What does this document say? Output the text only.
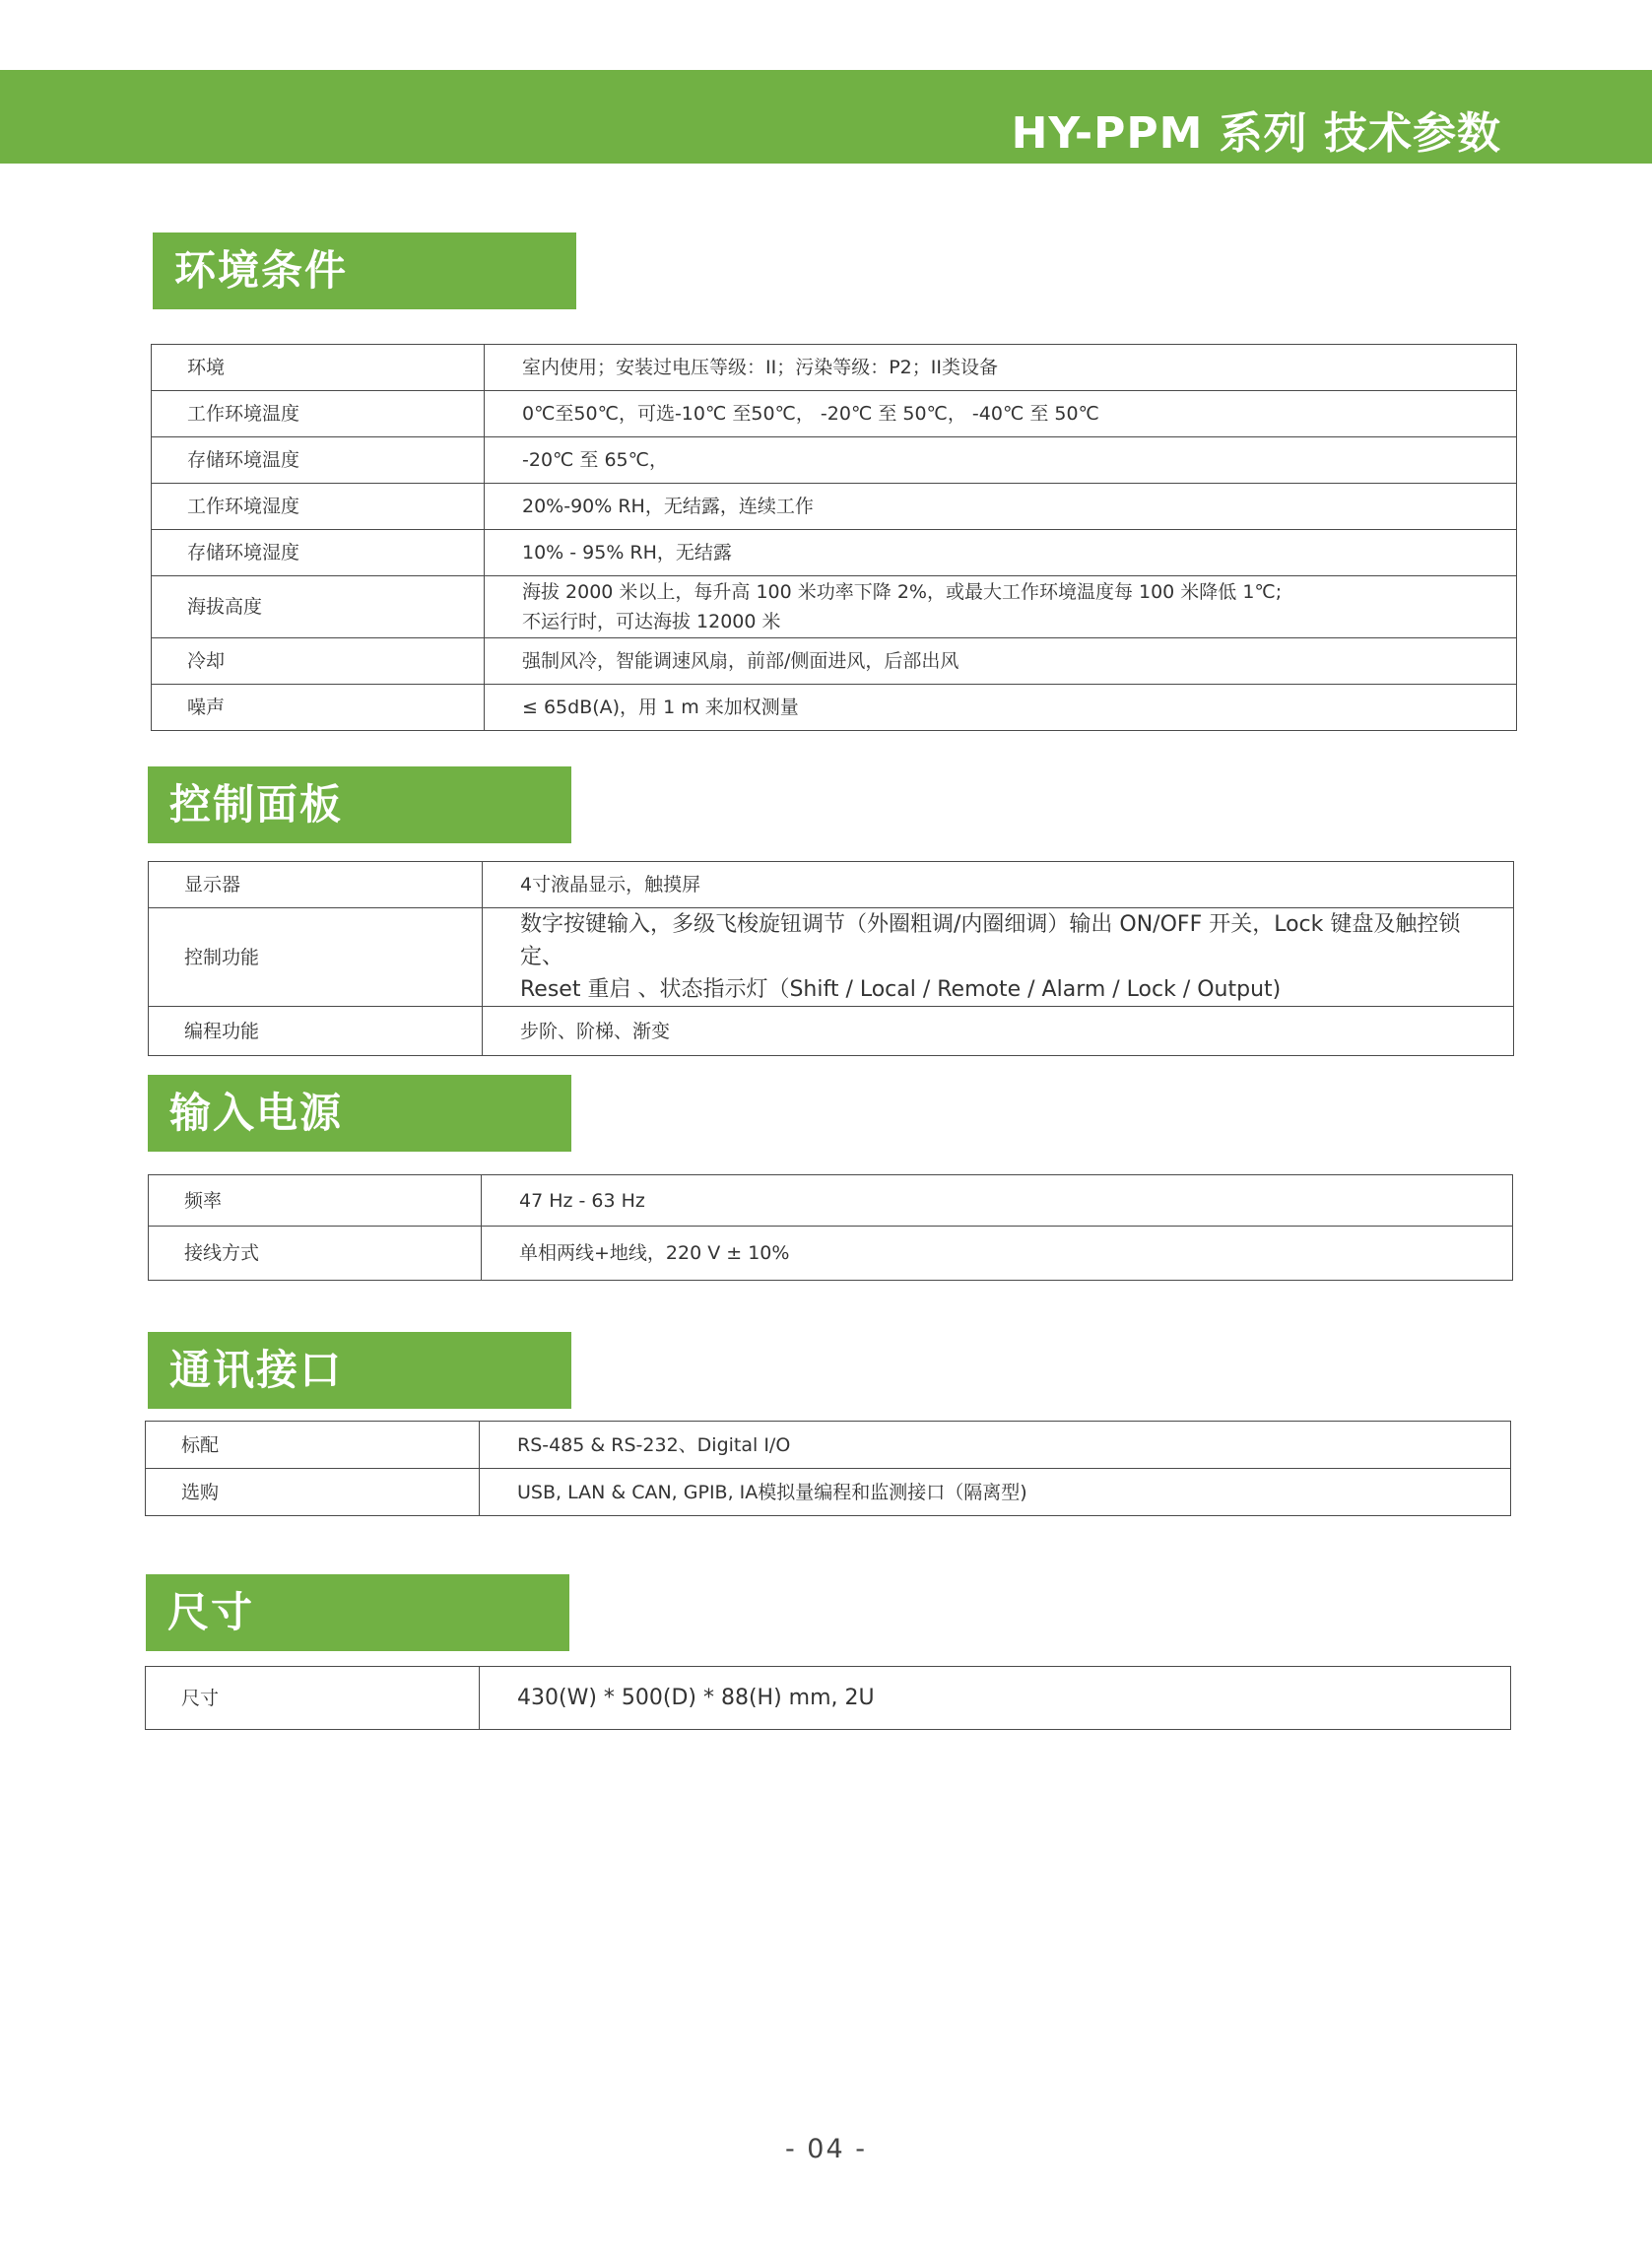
HY-PPM 系列 技术参数
环境条件
环境	室内使用；安装过电压等级：II；污染等级：P2；II类设备
工作环境温度	0℃至50℃，可选-10℃ 至50℃， -20℃ 至 50℃， -40℃ 至 50℃
存储环境温度	-20℃ 至 65℃，
工作环境湿度	20%-90% RH，无结露，连续工作
存储环境湿度	10% - 95% RH，无结露
海拔高度	海拔 2000 米以上，每升高 100 米功率下降 2%，或最大工作环境温度每 100 米降低 1℃;
不运行时，可达海拔 12000 米

冷却	强制风冷，智能调速风扇，前部/侧面进风，后部出风
噪声	≤ 65dB(A)，用 1 m 来加权测量
控制面板
显示器	4寸液晶显示，触摸屏
控制功能	数字按键输入，多级飞梭旋钮调节（外圈粗调/内圈细调）输出 ON/OFF 开关，Lock 键盘及触控锁定、
Reset 重启 、状态指示灯（Shift / Local / Remote / Alarm / Lock / Output)

编程功能	步阶、阶梯、渐变
输入电源
频率	47 Hz - 63 Hz
接线方式	单相两线+地线，220 V ± 10%
通讯接口
标配	RS-485 & RS-232、Digital I/O
选购	USB, LAN & CAN, GPIB, IA模拟量编程和监测接口（隔离型)
尺寸
尺寸	430(W) * 500(D) * 88(H) mm, 2U
- 04 -
